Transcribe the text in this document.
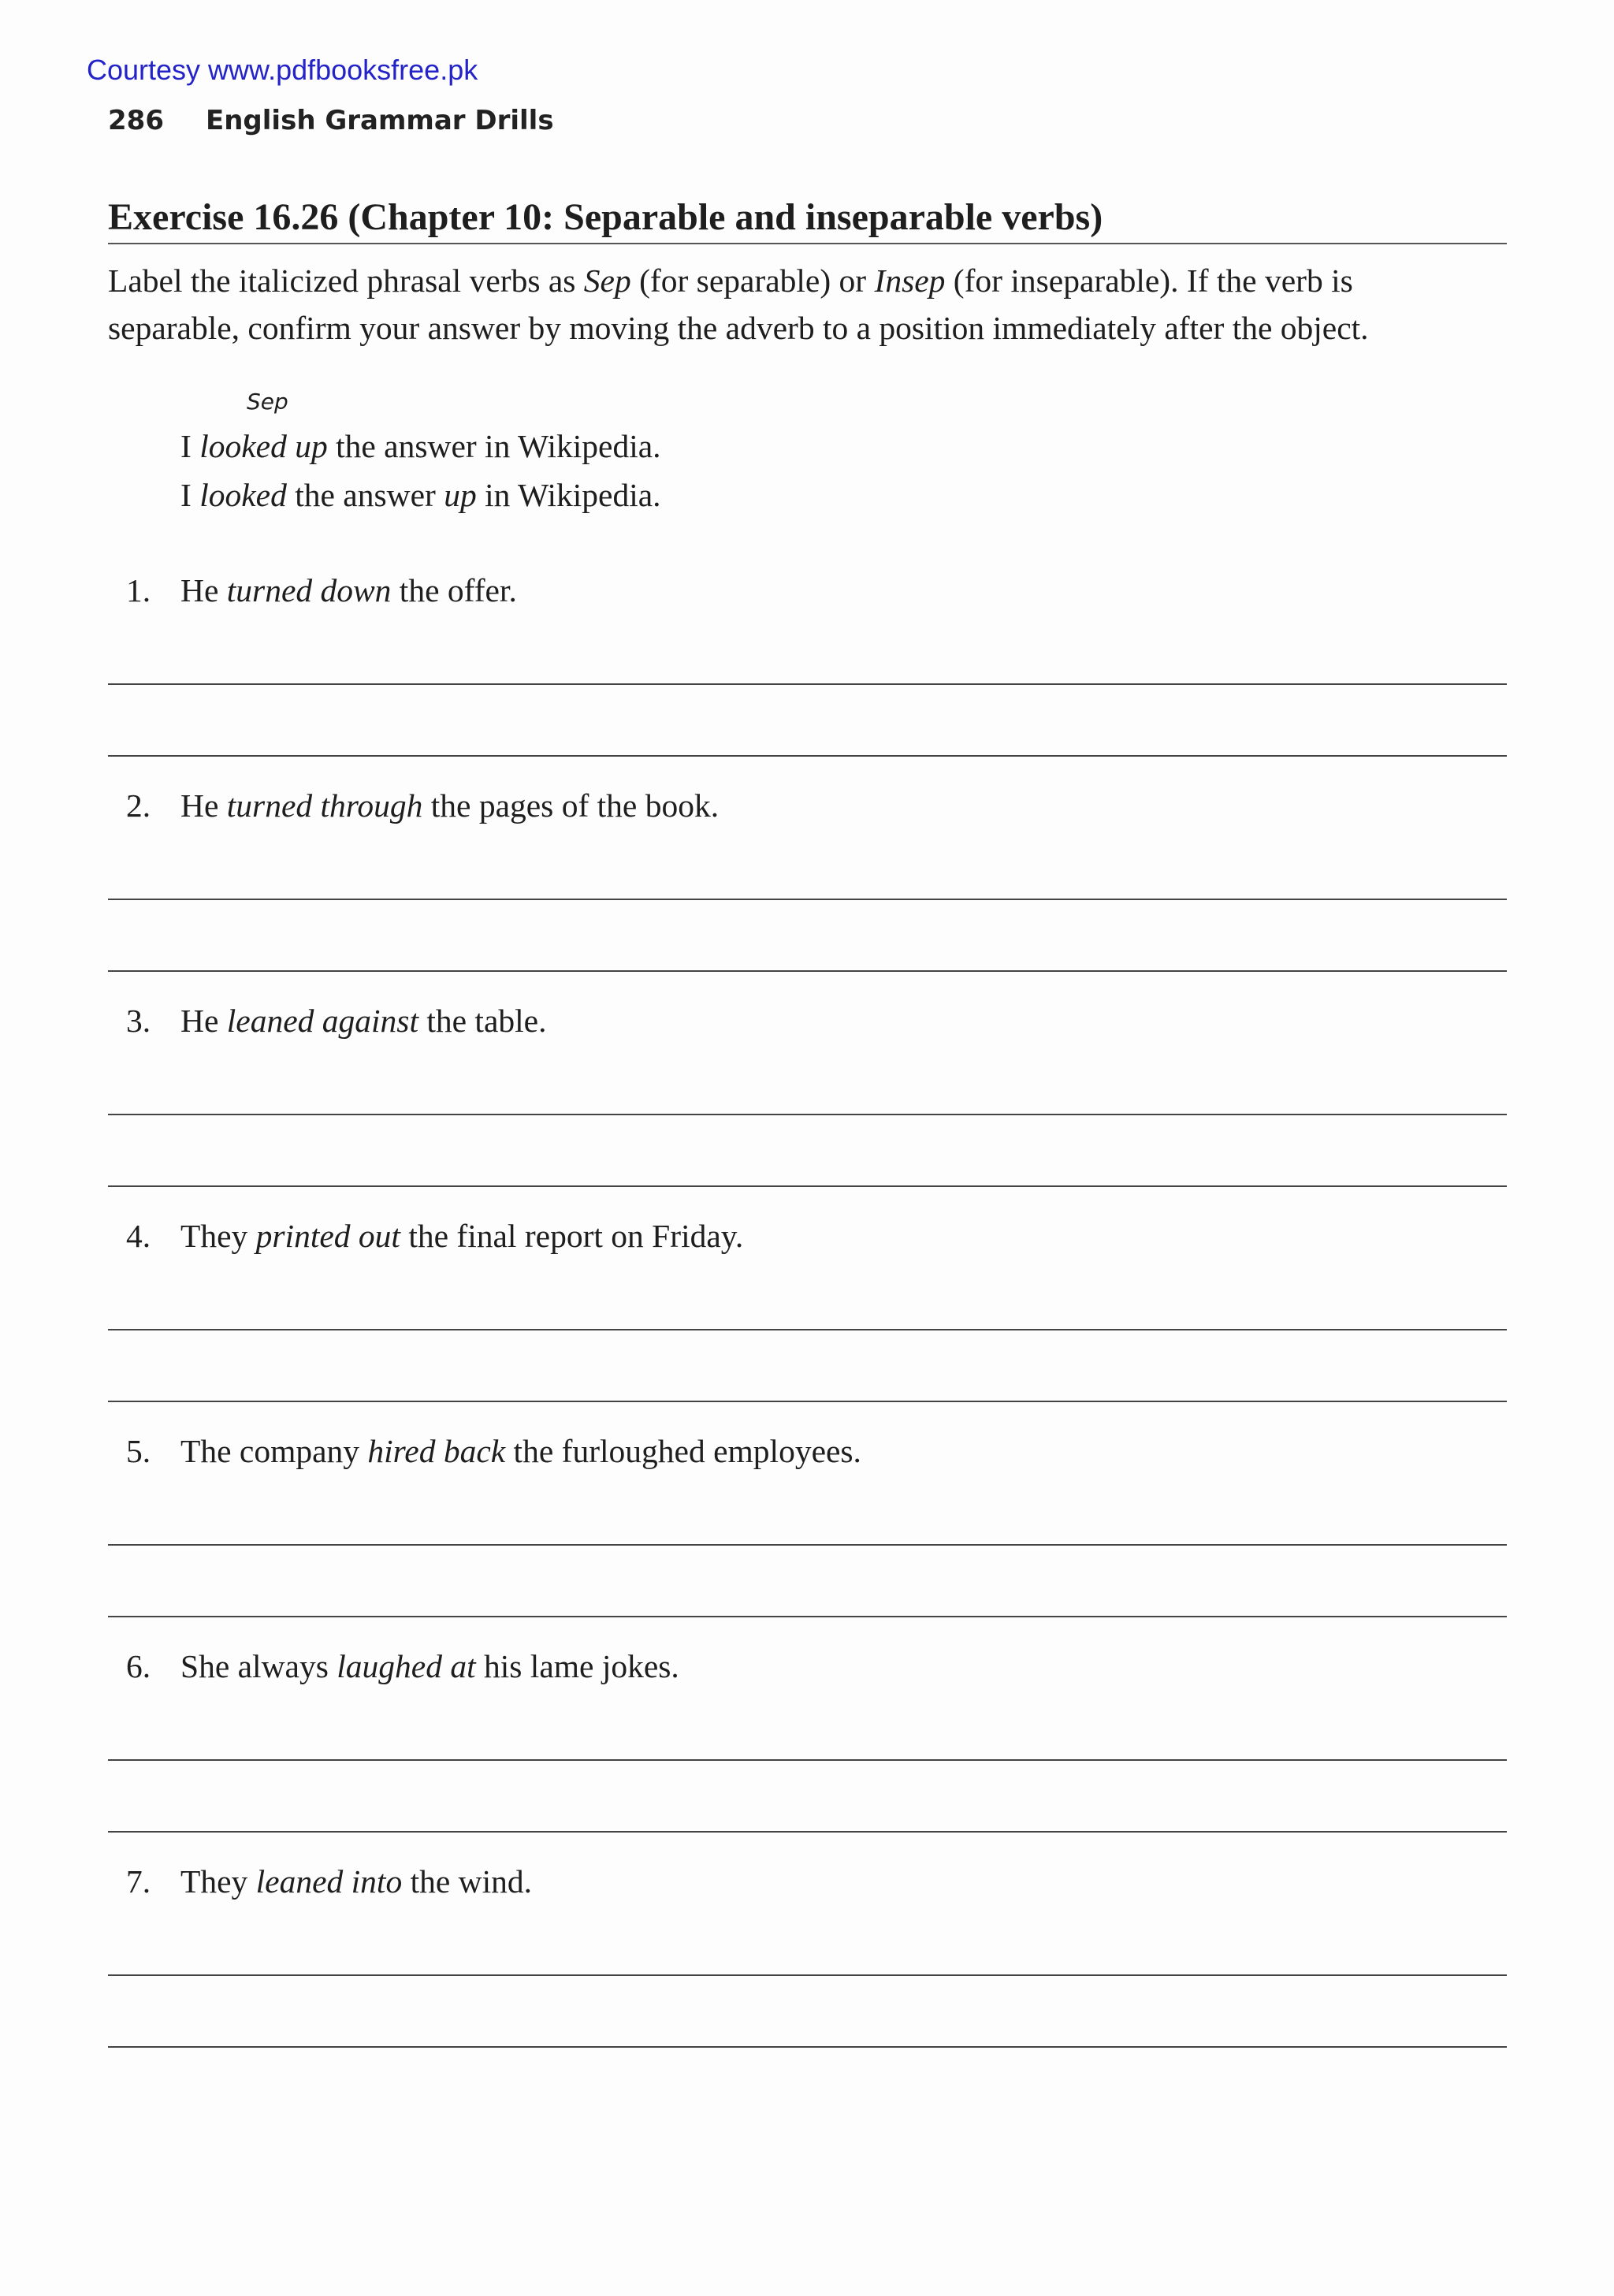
Courtesy www.pdfbooksfree.pk
286 English Grammar Drills
Exercise 16.26 (Chapter 10: Separable and inseparable verbs)

Label the italicized phrasal verbs as Sep (for separable) or Insep (for inseparable). If the verb is
separable, confirm your answer by moving the adverb to a position immediately after the object.

Sep
I looked up the answer in Wikipedia.
I looked the answer up in Wikipedia.
1. He turned down the offer.
2. He turned through the pages of the book.
3. He leaned against the table.
4. They printed out the final report on Friday.
5. The company hired back the furloughed employees.
6. She always laughed at his lame jokes.
7. They leaned into the wind.
